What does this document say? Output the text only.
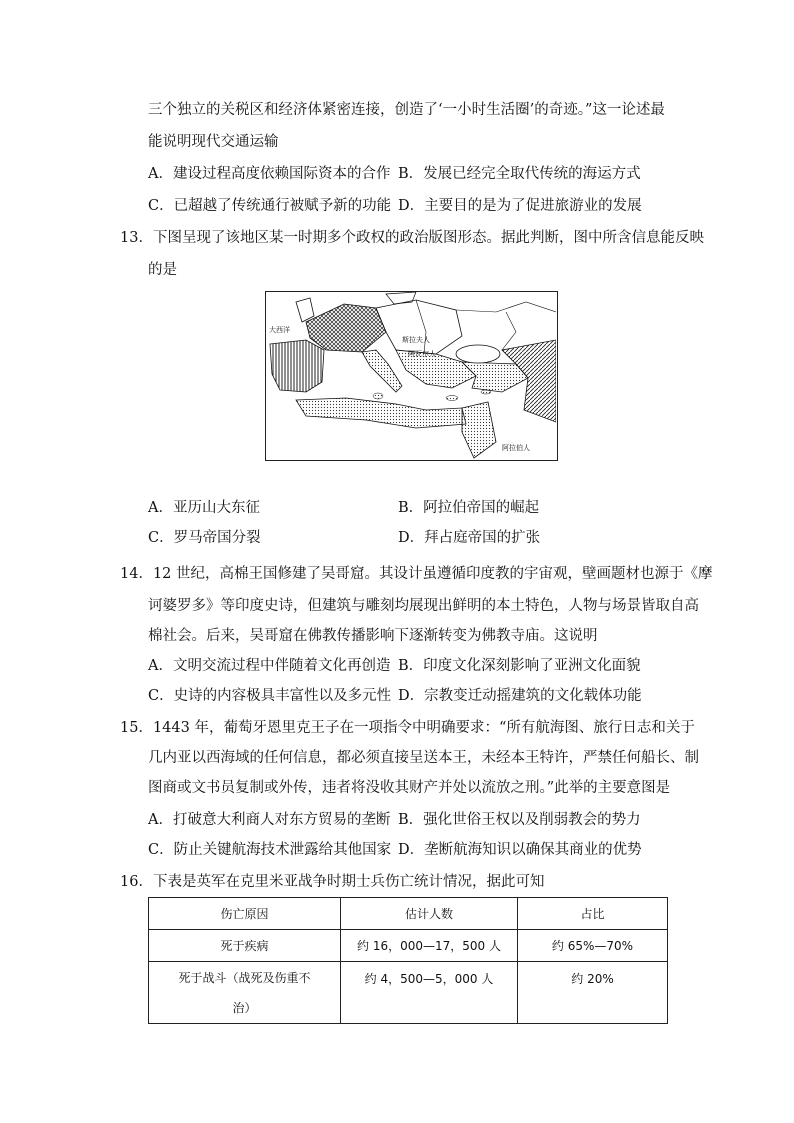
三个独立的关税区和经济体紧密连接，创造了‘一小时生活圈’的奇迹。”这一论述最
能说明现代交通运输
A．建设过程高度依赖国际资本的合作 B．发展已经完全取代传统的海运方式
C．已超越了传统通行被赋予新的功能 D．主要目的是为了促进旅游业的发展
13．下图呈现了该地区某一时期多个政权的政治版图形态。据此判断，图中所含信息能反映
的是
大西洋
斯拉夫人
阿瓦尔人
阿拉伯人
A．亚历山大东征	B．阿拉伯帝国的崛起
C．罗马帝国分裂	D．拜占庭帝国的扩张
14．12 世纪，高棉王国修建了吴哥窟。其设计虽遵循印度教的宇宙观，壁画题材也源于《摩
诃婆罗多》等印度史诗，但建筑与雕刻均展现出鲜明的本土特色，人物与场景皆取自高
棉社会。后来，吴哥窟在佛教传播影响下逐渐转变为佛教寺庙。这说明
A．文明交流过程中伴随着文化再创造 B．印度文化深刻影响了亚洲文化面貌
C．史诗的内容极具丰富性以及多元性 D．宗教变迁动摇建筑的文化载体功能
15．1443 年，葡萄牙恩里克王子在一项指令中明确要求：“所有航海图、旅行日志和关于
几内亚以西海域的任何信息，都必须直接呈送本王，未经本王特许，严禁任何船长、制
图商或文书员复制或外传，违者将没收其财产并处以流放之刑。”此举的主要意图是
A．打破意大利商人对东方贸易的垄断 B．强化世俗王权以及削弱教会的势力
C．防止关键航海技术泄露给其他国家 D．垄断航海知识以确保其商业的优势
16．下表是英军在克里米亚战争时期士兵伤亡统计情况，据此可知
伤亡原因	估计人数	占比
死于疾病	约 16，000—17，500 人	约 65%—70%

死于战斗（战死及伤重不
治）	约 4，500—5，000 人	约 20%
